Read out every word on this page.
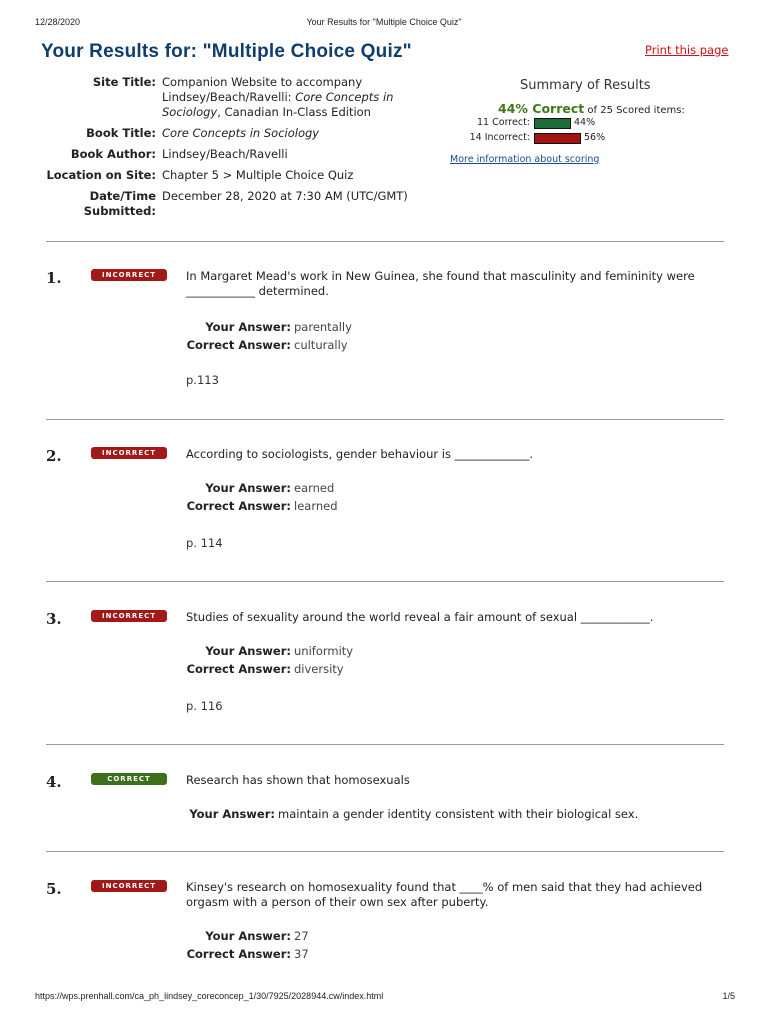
12/28/2020	Your Results for "Multiple Choice Quiz"
Your Results for: "Multiple Choice Quiz"	Print this page
Site Title: Companion Website to accompany
Lindsey/Beach/Ravelli: Core Concepts in
Sociology, Canadian In-Class Edition
Book Title: Core Concepts in Sociology
Book Author: Lindsey/Beach/Ravelli
Location on Site: Chapter 5 > Multiple Choice Quiz
Date/Time
Submitted:
December 28, 2020 at 7:30 AM (UTC/GMT)
Summary of Results
44% Correct of 25 Scored items:
11 Correct:	44%
14 Incorrect:	56%
More information about scoring
1.	INCORRECT	In Margaret Mead's work in New Guinea, she found that masculinity and femininity were ____________ determined.
Your Answer: parentally
Correct Answer: culturally
p.113
2.	INCORRECT	According to sociologists, gender behaviour is _____________.
Your Answer: earned
Correct Answer: learned
p. 114
3.	INCORRECT	Studies of sexuality around the world reveal a fair amount of sexual ____________.
Your Answer: uniformity
Correct Answer: diversity
p. 116
4.	CORRECT	Research has shown that homosexuals
Your Answer: maintain a gender identity consistent with their biological sex.
5.	INCORRECT	Kinsey's research on homosexuality found that ____% of men said that they had achieved orgasm with a person of their own sex after puberty.
Your Answer: 27
Correct Answer: 37
https://wps.prenhall.com/ca_ph_lindsey_coreconcep_1/30/7925/2028944.cw/index.html	1/5
